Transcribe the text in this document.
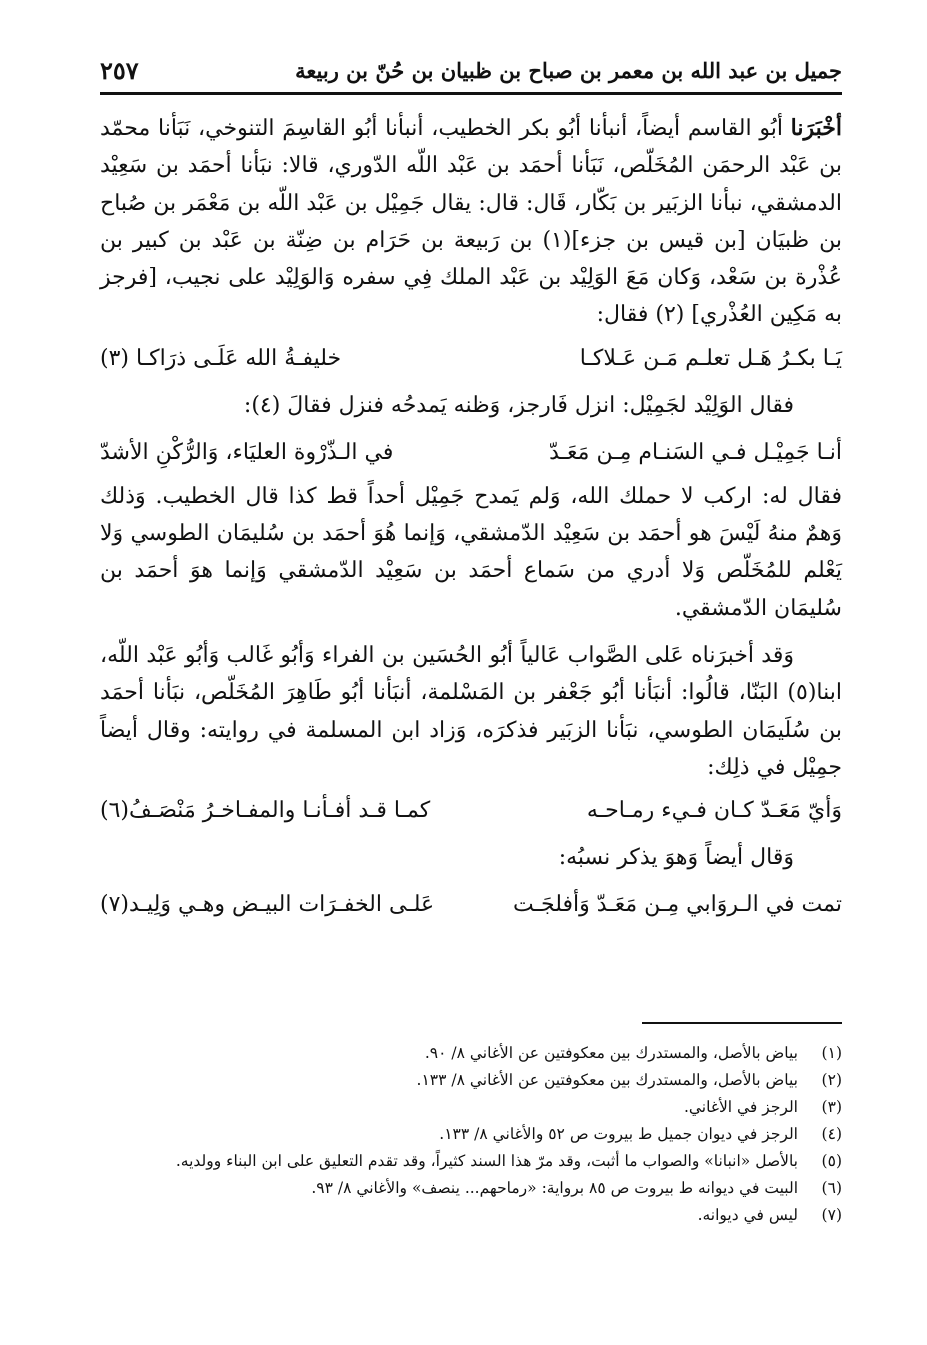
جميل بن عبد الله بن معمر بن صباح بن ظبيان بن حُنّ بن ربيعة
٢٥٧

أخْبَرَنا أبُو القاسم أيضاً، أنبأنا أبُو بكر الخطيب، أنبأنا أبُو القاسِمَ التنوخي، نَبَأنا محمّد بن عَبْد الرحمَن المُخَلّص، نَبَأنا أحمَد بن عَبْد اللّه الدّوري، قالا: نبَأنا أحمَد بن سَعِيْد الدمشقي، نبأنا الزبَير بن بَكّار، قَال: قال: يقال جَمِيْل بن عَبْد اللّه بن مَعْمَر بن صُباح بن ظبيَان [بن قيس بن جزء](١) بن رَبيعة بن حَرَام بن ضِنّة بن عَبْد بن كبير بن عُذْرة بن سَعْد، وَكان مَعَ الوَلِيْد بن عَبْد الملك فِي سفره وَالوَلِيْد على نجيب، [فرجز به مَكِين العُذْري] (٢) فقال:

يَـا بكـرُ هَـل تعلـم مَـن عَـلاكـا
خليفـةُ الله عَلَـى ذرَاكـا (٣)

فقال الوَلِيْد لجَمِيْل: انزل فَارجز، وَظنه يَمدحُه فنزل فقالَ (٤):

أنـا جَمِيْـل فـي السَنـام مِـن مَعَـدّ
في الـذّرْوة العليَاء، وَالرُّكْنِ الأشدّ

فقال له: اركب لا حملك الله، وَلم يَمدح جَمِيْل أحداً قط كذا قال الخطيب. وَذلك وَهمٌ منهُ لَيْسَ هو أحمَد بن سَعِيْد الدّمشقي، وَإنما هُوَ أحمَد بن سُليمَان الطوسي وَلا يَعْلم للمُخَلّص وَلا أدري من سَماع أحمَد بن سَعِيْد الدّمشقي وَإنما هوَ أحمَد بن سُليمَان الدّمشقي.

وَقد أخبرَناه عَلى الصَّواب عَالياً أبُو الحُسَين بن الفراء وَأبُو غَالب وَأبُو عَبْد اللّه، ابنا(٥) البَنّا، قالُوا: أنبَأنا أبُو جَعْفر بن المَسْلمة، أنبَأنا أبُو طَاهِرَ المُخَلّص، نبَأنا أحمَد بن سُلَيمَان الطوسي، نبَأنا الزبَير فذكرَه، وَزاد ابن المسلمة في روايته: وقال أيضاً جمِيْل في ذلِك:

وَأيّ مَعَـدّ كـان فـيء رمـاحـه
كمـا قـد أفـأنـا والمفـاخـرُ مَنْصَـفُ(٦)

وَقال أيضاً وَهوَ يذكر نسبُه:

تمت في الـروَابي مِـن مَعَـدّ وَأفلجَـت
عَلـى الخفـرَات البيـض وهـي وَلِيـد(٧)
(١)
بياض بالأصل، والمستدرك بين معكوفتين عن الأغاني ٨/ ٩٠.
(٢)
بياض بالأصل، والمستدرك بين معكوفتين عن الأغاني ٨/ ١٣٣.
(٣)
الرجز في الأغاني.
(٤)
الرجز في ديوان جميل ط بيروت ص ٥٢ والأغاني ٨/ ١٣٣.
(٥)
بالأصل «انبانا» والصواب ما أثبت، وقد مرّ هذا السند كثيراً، وقد تقدم التعليق على ابن البناء وولديه.
(٦)
البيت في ديوانه ط بيروت ص ٨٥ برواية: «رماحهم... ينصف» والأغاني ٨/ ٩٣.
(٧)
ليس في ديوانه.
